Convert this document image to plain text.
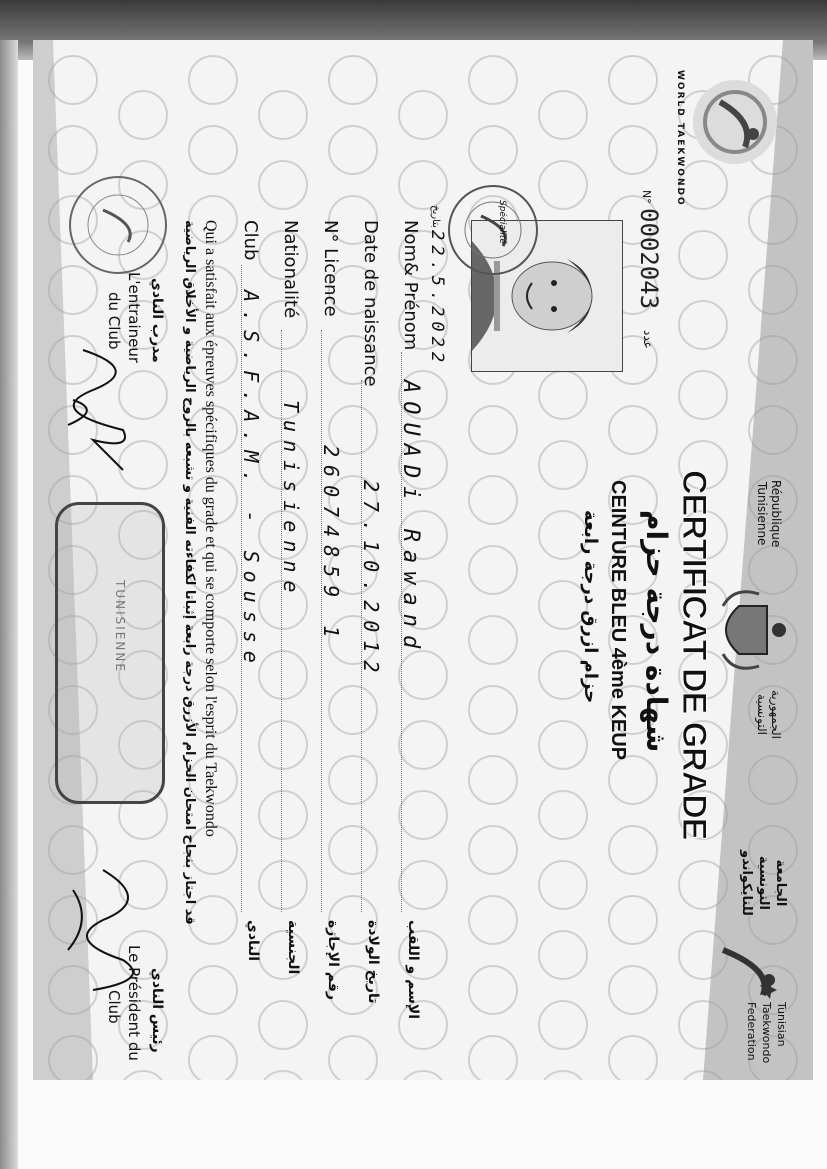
WORLD TAEKWONDO
N°
0002043
عدد
République
Tunisienne
الجمهورية
التونسية
الجامعة
التونسية
للتايكواندو
Tunisian
Taekwondo
Federation
CERTIFICAT DE GRADE
شهادة درجة حزام
CEINTURE BLEU 4ème KEUP
حزام ازرق درجة رابعة
Spécialité
بتاريخ
22.5.2022
Nom& Prénom
AOUADi Rawand
الإسم و اللقب
Date de naissance
27.10.2012
تاريخ الولادة
N° Licence
26074859 1
رقم الإجازة
Nationalité
Tunisienne
الجنسية
Club
A.S.F.A.M. - Sousse
النادي
Qui a satisfait aux épreuves spécifiques du grade et qui se comporte selon l'esprit du Taekwondo
قد اجتاز بنجاح امتحان الحزام الأزرق درجة رابعة إثباتا لكفاءته الفنية و تشبعه بالروح الرياضية و الأخلاق الرياضية
مدرب النادي
L'entraineur
du Club
TUNISIENNE
رئيس النادي
Le Président du
Club
